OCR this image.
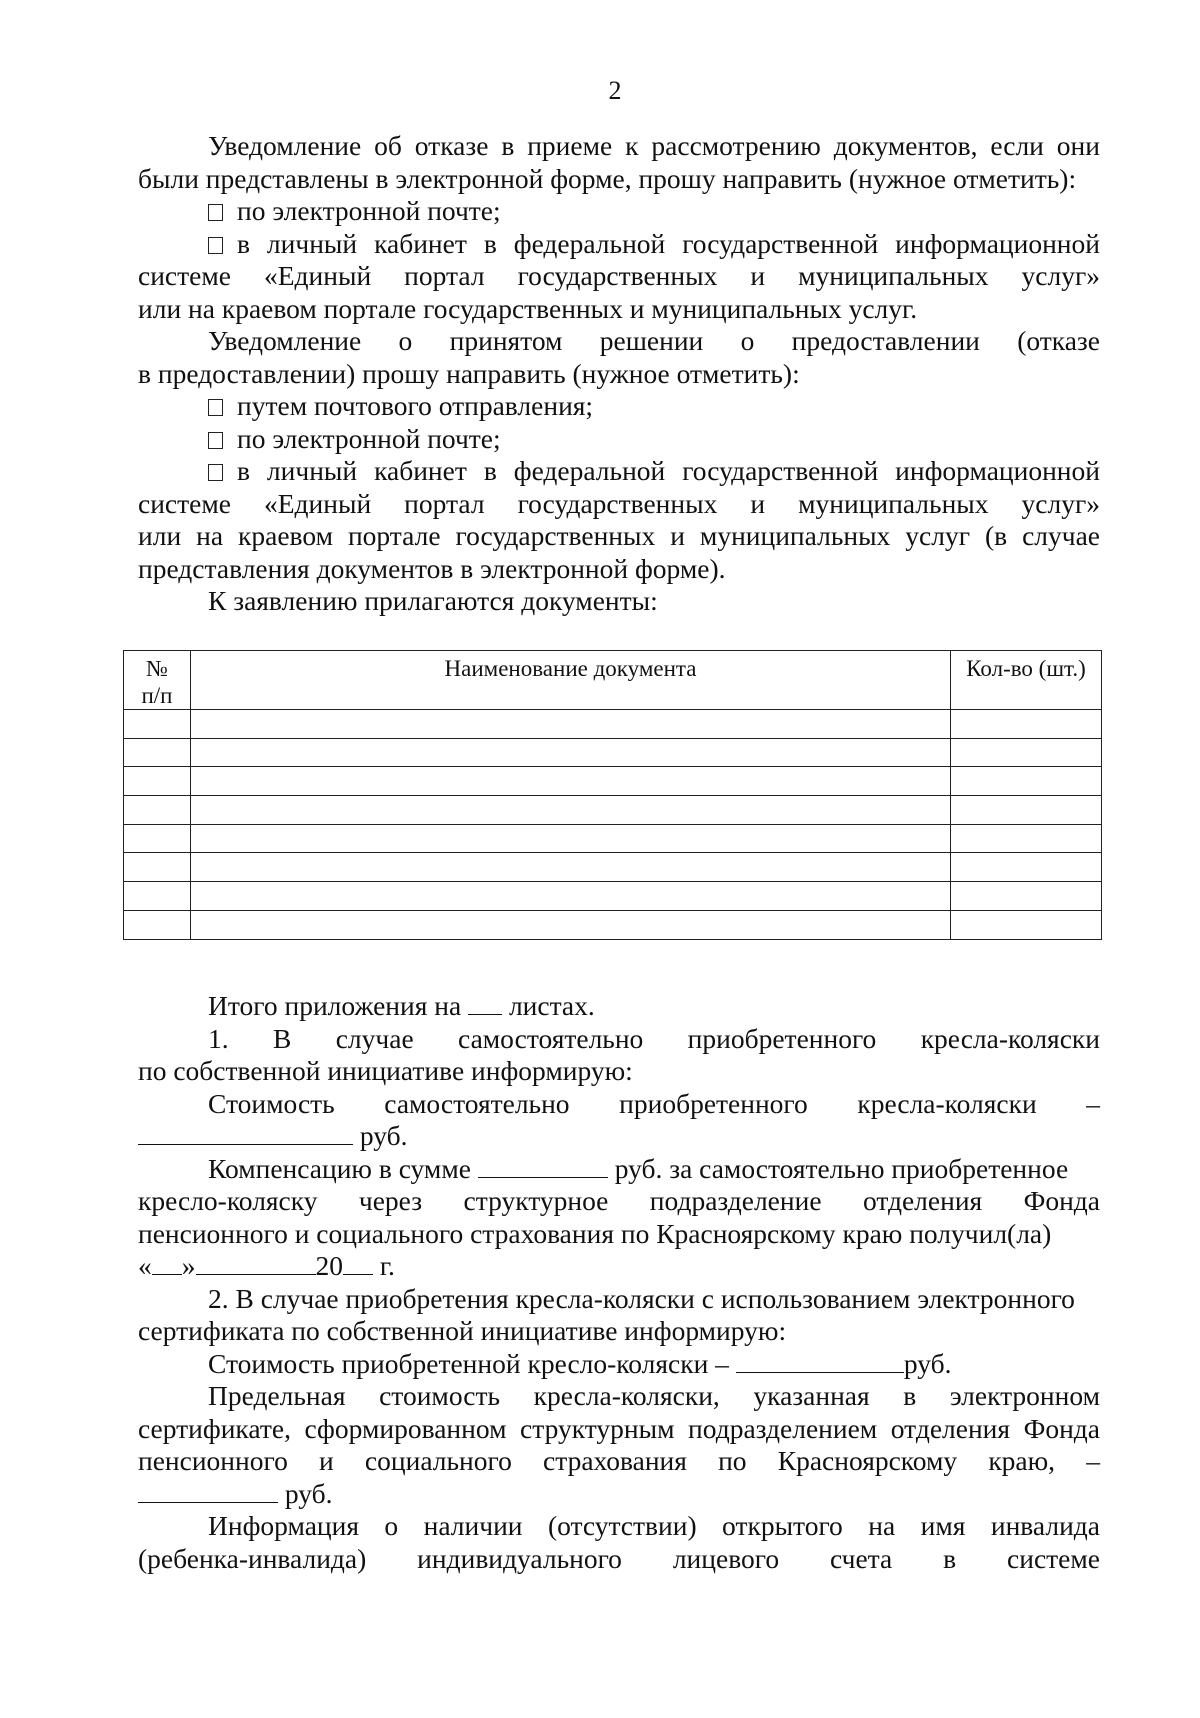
2

Уведомление об отказе в приеме к рассмотрению документов, если они

были представлены в электронной форме, прошу направить (нужное отметить):

по электронной почте;

в личный кабинет в федеральной государственной информационной

системе «Единый портал государственных и муниципальных услуг»

или на краевом портале государственных и муниципальных услуг.

Уведомление о принятом решении о предоставлении (отказе

в предоставлении) прошу направить (нужное отметить):

путем почтового отправления;

по электронной почте;

в личный кабинет в федеральной государственной информационной

системе «Единый портал государственных и муниципальных услуг»

или на краевом портале государственных и муниципальных услуг (в случае

представления документов в электронной форме).

К заявлению прилагаются документы:

№
п/п	Наименование документа	Кол-во (шт.)

Итого приложения на листах.

1. В случае самостоятельно приобретенного кресла-коляски

по собственной инициативе информирую:

Стоимость самостоятельно приобретенного кресла-коляски –

руб.

Компенсацию в сумме	руб. за самостоятельно приобретенное

кресло-коляску через структурное подразделение отделения Фонда

пенсионного и социального страхования по Красноярскому краю получил(ла)

« »	20 г.

2. В случае приобретения кресла-коляски с использованием электронного

сертификата по собственной инициативе информирую:

Стоимость приобретенной кресло-коляски –	руб.

Предельная стоимость кресла-коляски, указанная в электронном

сертификате, сформированном структурным подразделением отделения Фонда

пенсионного и социального страхования по Красноярскому краю, –

руб.

Информация о наличии (отсутствии) открытого на имя инвалида

(ребенка-инвалида) индивидуального лицевого счета в системе
